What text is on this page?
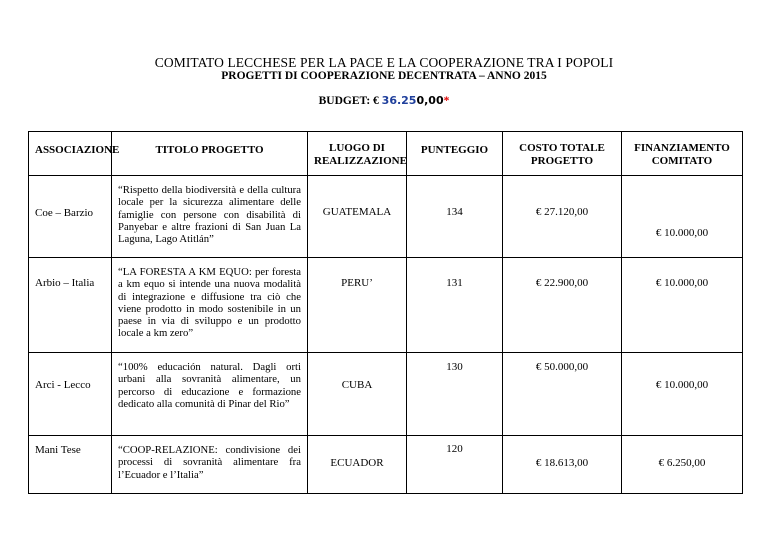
COMITATO LECCHESE PER LA PACE E LA COOPERAZIONE TRA I POPOLI
PROGETTI DI COOPERAZIONE DECENTRATA – ANNO 2015
BUDGET: € 36.250,00*
ASSOCIAZIONE	TITOLO PROGETTO	LUOGO DI REALIZZAZIONE	PUNTEGGIO	COSTO TOTALE PROGETTO	FINANZIAMENTO COMITATO
Coe – Barzio	“Rispetto della biodiversità e della cultura locale per la sicurezza alimentare delle famiglie con persone con disabilità di Panyebar e altre frazioni di San Juan La Laguna, Lago Atitlán”	GUATEMALA	134	€ 27.120,00	€ 10.000,00
Arbio – Italia	“LA FORESTA A KM EQUO: per foresta a km equo si intende una nuova modalità di integrazione e diffusione tra ciò che viene prodotto in modo sostenibile in un paese in via di sviluppo e un prodotto locale a km zero”	PERU’	131	€ 22.900,00	€ 10.000,00
Arci - Lecco	“100% educación natural. Dagli orti urbani alla sovranità alimentare, un percorso di educazione e formazione dedicato alla comunità di Pinar del Rio”	CUBA	130	€ 50.000,00	€ 10.000,00
Mani Tese	“COOP-RELAZIONE: condivisione dei processi di sovranità alimentare fra l’Ecuador e l’Italia”	ECUADOR	120	€ 18.613,00	€ 6.250,00
